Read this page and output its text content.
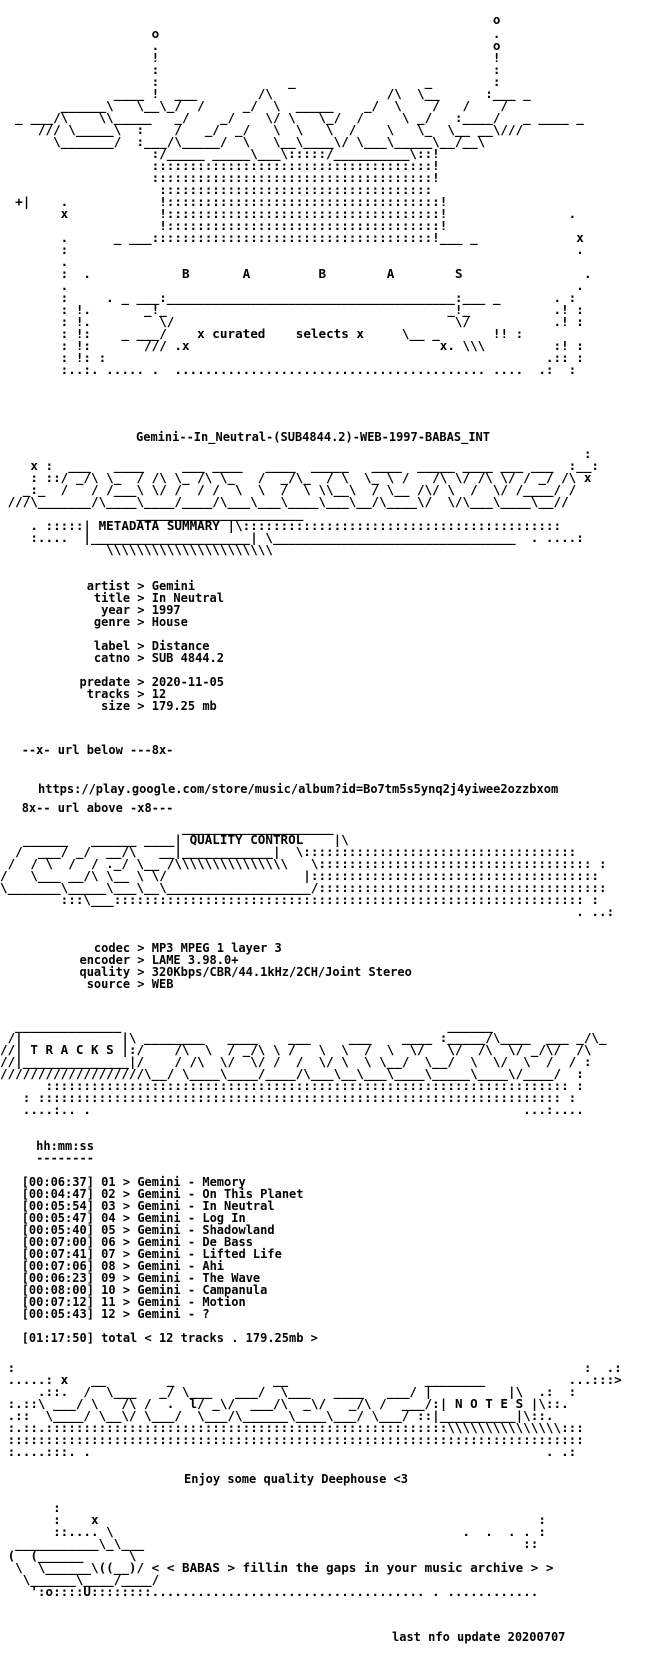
o
o                                            .
.                                            o
!                                            !
:                                            :
:                 _                 _        :
____ !  ___        /\               /\  \__      :___ _
______\   \__\_/  /     _/  \  _____    _/  \    /   /    /
_ ___/\    \\_____   _/    _/    \/ \   \_/  /     \ _/   :____/   _ ____ _
/// \_____\  :    /   _/  _/   \  \   \  /    \   \_  \__ __\///
\_______/  :___/\_____/  \   \__\____\/ \___\_____\__/__\
:/_____ _____\___\:::::/__________\::!
:::::::::::::::::::::::::::::::::::::!
:::::::::::::::::::::::::::::::::::::!
::::::::::::::::::::::::::::::::::::
+|    .            !::::::::::::::::::::::::::::::::::::!
x            !::::::::::::::::::::::::::::::::::::!                .
!::::::::::::::::::::::::::::::::::::!
.      _ ___:::::::::::::::::::::::::::::::::::::!___ _             x
:                                                                   .
.
:  .            B	A	B	A	S                .
.                                                                   .
:     . _ ___:______________________________________:___ _       . :
: !.       _!_                                     _!_           .! :
: !.         \/                                     \/           .! :
: !:    _ ___/    x curated selects x     \__ _       !! :
: !:       /// .x                                 x. \\\         :! :
: !: :                                                          .:: :
:..:. ..... .  ......................................... ....  .:  :
Gemini--In_Neutral-(SUB4844.2)-WEB-1997-BABAS_INT
:
x :  ___   ____     ___ ____   ____  _____   ____  _____ ____ ___ ___  :__:
: ::/ _/\ \_  / /\ \_ /\ \_   /  _/\_  / \  \_ \ /   /\ \/ /\ \/ / _/ /\ x
_:_  /   / /___\ \/ /  / /  \  \  /  \ \\__\  / \__ /\/ \  /  \/ /____/ /
///\_______/\____\____/____/\___\___\____\___\__/\____\/  \/\___\____\__//
______________________
. :::::| METADATA SUMMARY |\::::::::::::::::::::::::::::::::::::::::::
:....  |_____________________| \________________________________  . ....:
\\\\\\\\\\\\\\\\\\\\\\
artist > Gemini
title > In Neutral
year > 1997
genre > House
label > Distance
catno > SUB 4844.2
predate > 2020-11-05
tracks > 12
size > 179.25 mb
--x- url below ---8x-
https://play.google.com/store/music/album?id=Bo7tm5s5ynq2j4yiwee2ozzbxom
8x-- url above -x8---
____________________
______   ______ ____| QUALITY CONTROL    |\
/  ___/ _/  __/\   __|____________|  \::::::::::::::::::::::::::::::::::::
/  / \  /  / ._/ \__ /\\\\\\\\\\\\\\\   \:::::::::::::::::::::::::::::::::::: :
/   \___ __/\ \__ \ \/                  |::::::::::::::::::::::::::::::::::::::
\_______\_____\___\__\___________________/::::::::::::::::::::::::::::::::::::::
:::\___:::::::::::::::::::::::::::::::::::::::::::::::::::::::::::::: :
. ..:
codec > MP3 MPEG 1 layer 3
encoder > LAME 3.98.0+
quality > 320Kbps/CBR/44.1kHz/2CH/Joint Stereo
source > WEB
______________                                           ______
/|             |\ ________   ____    ___     ___    ____ :_____/\____  ___ _/\_
//| T R A C K S |:/    /\  \  / _/\ \ /   \  \  /  \  \/   \/  /\  \/ _/\/  /\
//|______________|/    / /\  \/  \/ /  /  \/ \  \ \__/  \__/  \  \/  \  /  / :
///////////////////\__/ \____\____/____/\___\__\___\____\_____\____\/____/  :
::::::::::::::::::::::::::::::::::::::::::::::::::::::::::::::::::::: :
: ::::::::::::::::::::::::::::::::::::::::::::::::::::::::::::::::::::: :
....:.. .                                                         ...:....
hh:mm:ss
--------
[00:06:37] 01 > Gemini - Memory
[00:04:47] 02 > Gemini - On This Planet
[00:05:54] 03 > Gemini - In Neutral
[00:05:47] 04 > Gemini - Log In
[00:05:40] 05 > Gemini - Shadowland
[00:07:00] 06 > Gemini - De Bass
[00:07:41] 07 > Gemini - Lifted Life
[00:07:06] 08 > Gemini - Ahi
[00:06:23] 09 > Gemini - The Wave
[00:08:00] 10 > Gemini - Campanula
[00:07:12] 11 > Gemini - Motion
[00:05:43] 12 > Gemini - ?
[01:17:50] total < 12 tracks . 179.25mb >
:                                                                           :  .:
.....: x   __        _             __                  ________           ...:::>
.::.  /  \___   _/ \___   ___/  \___   ____   ___/ |          |\  .:  :
:.::\ ___/ \   /\ /  .  l/ _\/  ___/\  _\/   _/\ /  ___/:| N O T E S |\::.
.::  \____/ \__\/ \___/  \___/\______\____\___/ \___/ ::|__________|\::.
:.::.:::::::::::::::::::::::::::::::::::::::::::::::::::::\\\\\\\\\\\\\\\:::
::::::::::::::::::::::::::::::::::::::::::::::::::::::::::::::::::::::::::::
:....:::. .                                                            . .:
Enjoy some quality Deephouse <3
:
:    x                                                          :
::.... \                                              .  .  . . :
___________\_\___                                                  ::
(  (______      \
\  \______\((__)/ < < BABAS > fillin the gaps in your music archive > >
\______\____/____/
':o::::U::::::::.................................... . ............
last nfo update 20200707
